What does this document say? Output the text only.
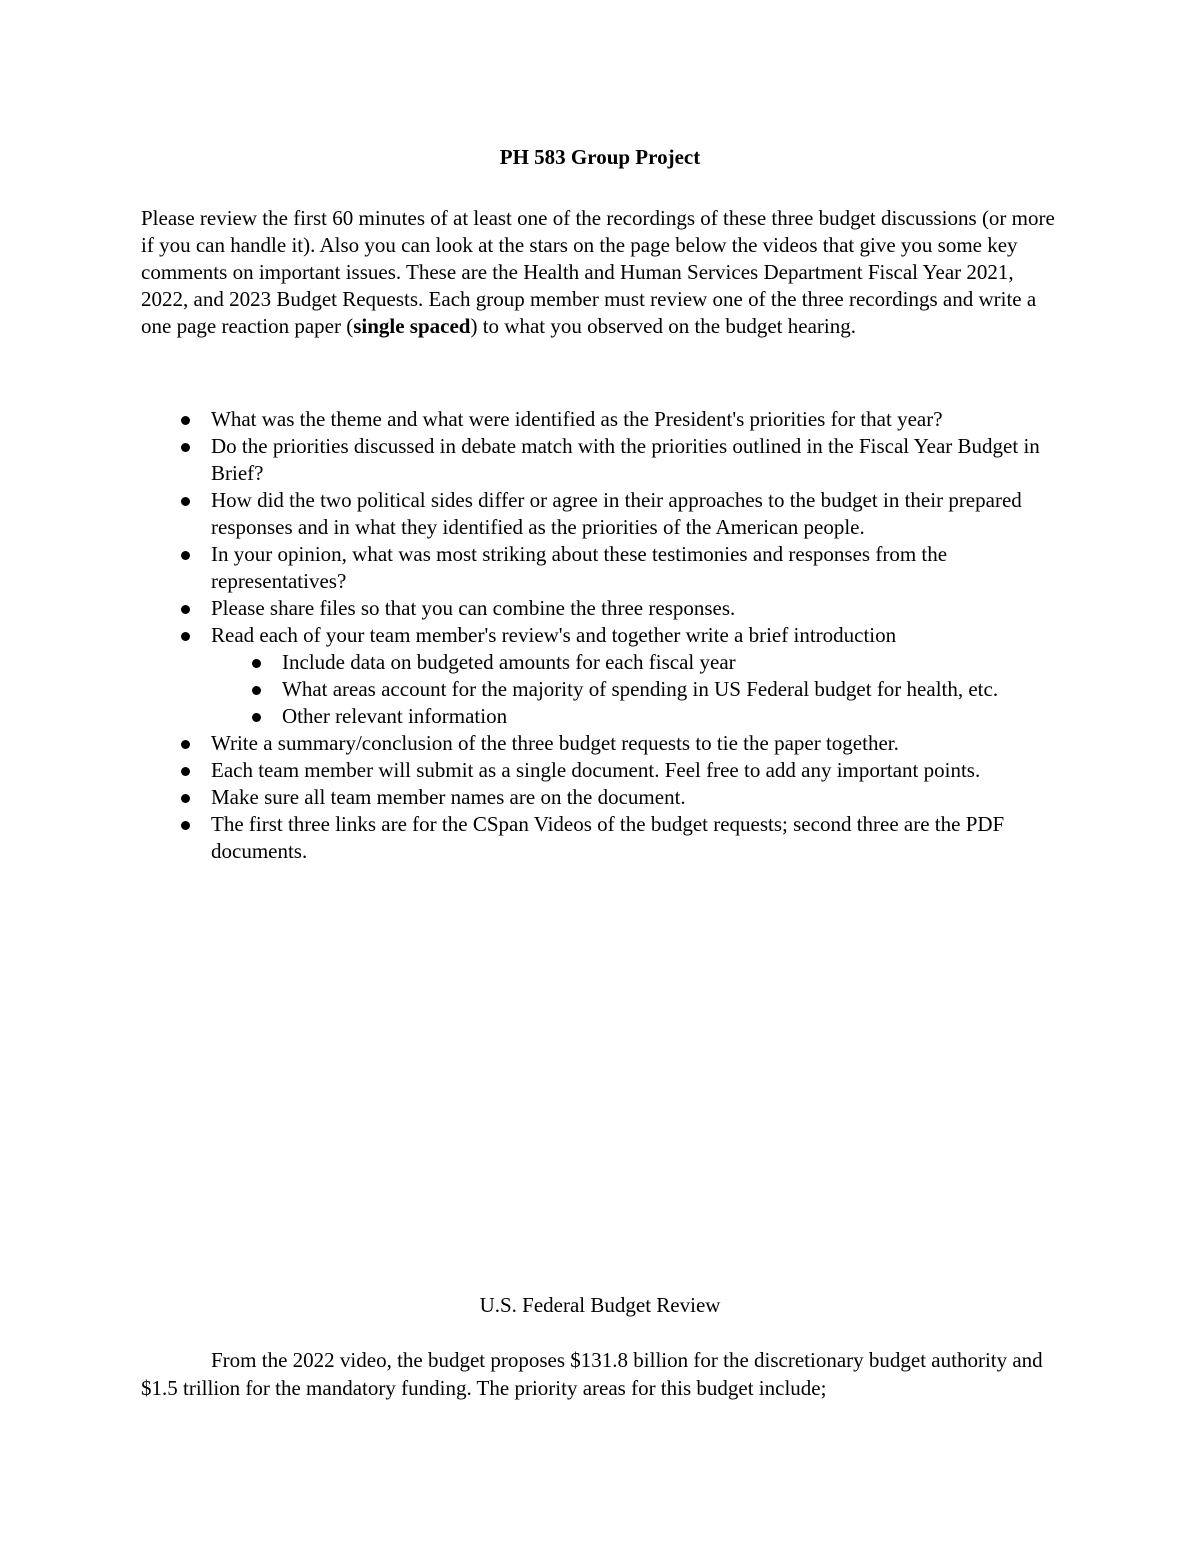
PH 583 Group Project

Please review the first 60 minutes of at least one of the recordings of these three budget discussions (or more if you can handle it). Also you can look at the stars on the page below the videos that give you some key comments on important issues. These are the Health and Human Services Department Fiscal Year 2021, 2022, and 2023 Budget Requests. Each group member must review one of the three recordings and write a one page reaction paper (single spaced) to what you observed on the budget hearing.

What was the theme and what were identified as the President's priorities for that year?
Do the priorities discussed in debate match with the priorities outlined in the Fiscal Year Budget in Brief?
How did the two political sides differ or agree in their approaches to the budget in their prepared responses and in what they identified as the priorities of the American people.
In your opinion, what was most striking about these testimonies and responses from the representatives?
Please share files so that you can combine the three responses.
Read each of your team member's review's and together write a brief introduction
Include data on budgeted amounts for each fiscal year
What areas account for the majority of spending in US Federal budget for health, etc.
Other relevant information
Write a summary/conclusion of the three budget requests to tie the paper together.
Each team member will submit as a single document. Feel free to add any important points.
Make sure all team member names are on the document.
The first three links are for the CSpan Videos of the budget requests; second three are the PDF documents.
U.S. Federal Budget Review

From the 2022 video, the budget proposes $131.8 billion for the discretionary budget authority and $1.5 trillion for the mandatory funding. The priority areas for this budget include;
